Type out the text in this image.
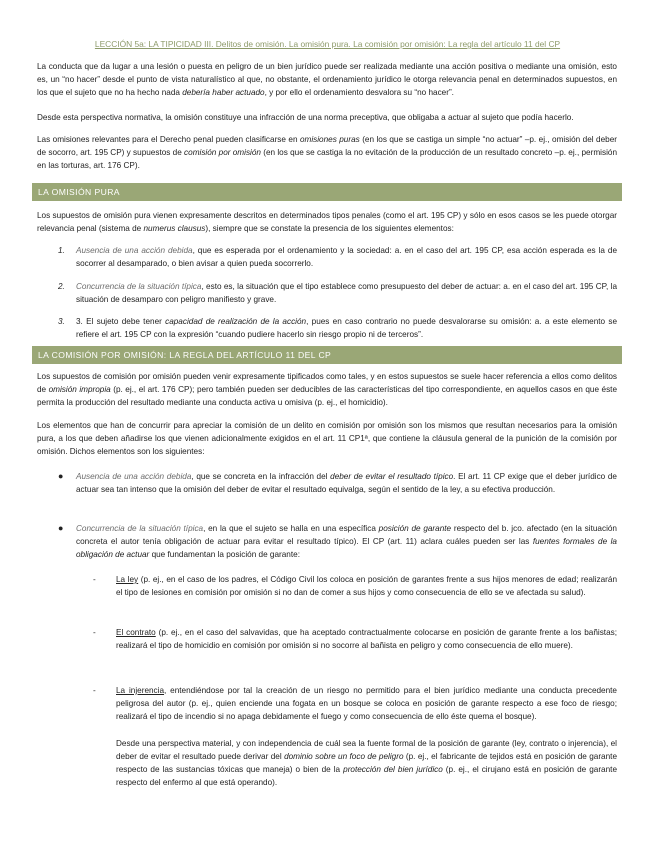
LECCIÓN 5a: LA TIPICIDAD III. Delitos de omisión. La omisión pura. La comisión por omisión: La regla del artículo 11 del CP

La conducta que da lugar a una lesión o puesta en peligro de un bien jurídico puede ser realizada mediante una acción positiva o mediante una omisión, esto es, un “no hacer” desde el punto de vista naturalístico al que, no obstante, el ordenamiento jurídico le otorga relevancia penal en determinados supuestos, en los que el sujeto que no ha hecho nada debería haber actuado, y por ello el ordenamiento desvalora su “no hacer”.

Desde esta perspectiva normativa, la omisión constituye una infracción de una norma preceptiva, que obligaba a actuar al sujeto que podía hacerlo.

Las omisiones relevantes para el Derecho penal pueden clasificarse en omisiones puras (en los que se castiga un simple “no actuar” –p. ej., omisión del deber de socorro, art. 195 CP) y supuestos de comisión por omisión (en los que se castiga la no evitación de la producción de un resultado concreto –p. ej., permisión en las torturas, art. 176 CP).

LA OMISIÓN PURA

Los supuestos de omisión pura vienen expresamente descritos en determinados tipos penales (como el art. 195 CP) y sólo en esos casos se les puede otorgar relevancia penal (sistema de numerus clausus), siempre que se constate la presencia de los siguientes elementos:

1. Ausencia de una acción debida, que es esperada por el ordenamiento y la sociedad: a. en el caso del art. 195 CP, esa acción esperada es la de socorrer al desamparado, o bien avisar a quien pueda socorrerlo.

2. Concurrencia de la situación típica, esto es, la situación que el tipo establece como presupuesto del deber de actuar: a. en el caso del art. 195 CP, la situación de desamparo con peligro manifiesto y grave.

3. 3. El sujeto debe tener capacidad de realización de la acción, pues en caso contrario no puede desvalorarse su omisión: a. a este elemento se refiere el art. 195 CP con la expresión “cuando pudiere hacerlo sin riesgo propio ni de terceros”.

LA COMISIÓN POR OMISIÓN: LA REGLA DEL ARTÍCULO 11 DEL CP

Los supuestos de comisión por omisión pueden venir expresamente tipificados como tales, y en estos supuestos se suele hacer referencia a ellos como delitos de omisión impropia (p. ej., el art. 176 CP); pero también pueden ser deducibles de las características del tipo correspondiente, en aquellos casos en que éste permita la producción del resultado mediante una conducta activa u omisiva (p. ej., el homicidio).

Los elementos que han de concurrir para apreciar la comisión de un delito en comisión por omisión son los mismos que resultan necesarios para la omisión pura, a los que deben añadirse los que vienen adicionalmente exigidos en el art. 11 CP1ª, que contiene la cláusula general de la punición de la comisión por omisión. Dichos elementos son los siguientes:

● Ausencia de una acción debida, que se concreta en la infracción del deber de evitar el resultado típico. El art. 11 CP exige que el deber jurídico de actuar sea tan intenso que la omisión del deber de evitar el resultado equivalga, según el sentido de la ley, a su efectiva producción.

● Concurrencia de la situación típica, en la que el sujeto se halla en una específica posición de garante respecto del b. jco. afectado (en la situación concreta el autor tenía obligación de actuar para evitar el resultado típico). El CP (art. 11) aclara cuáles pueden ser las fuentes formales de la obligación de actuar que fundamentan la posición de garante:

- La ley (p. ej., en el caso de los padres, el Código Civil los coloca en posición de garantes frente a sus hijos menores de edad; realizarán el tipo de lesiones en comisión por omisión si no dan de comer a sus hijos y como consecuencia de ello se ve afectada su salud).

- El contrato (p. ej., en el caso del salvavidas, que ha aceptado contractualmente colocarse en posición de garante frente a los bañistas; realizará el tipo de homicidio en comisión por omisión si no socorre al bañista en peligro y como consecuencia de ello muere).

- La injerencia, entendiéndose por tal la creación de un riesgo no permitido para el bien jurídico mediante una conducta precedente peligrosa del autor (p. ej., quien enciende una fogata en un bosque se coloca en posición de garante respecto a ese foco de riesgo; realizará el tipo de incendio si no apaga debidamente el fuego y como consecuencia de ello éste quema el bosque).

Desde una perspectiva material, y con independencia de cuál sea la fuente formal de la posición de garante (ley, contrato o injerencia), el deber de evitar el resultado puede derivar del dominio sobre un foco de peligro (p. ej., el fabricante de tejidos está en posición de garante respecto de las sustancias tóxicas que maneja) o bien de la protección del bien jurídico (p. ej., el cirujano está en posición de garante respecto del enfermo al que está operando).
